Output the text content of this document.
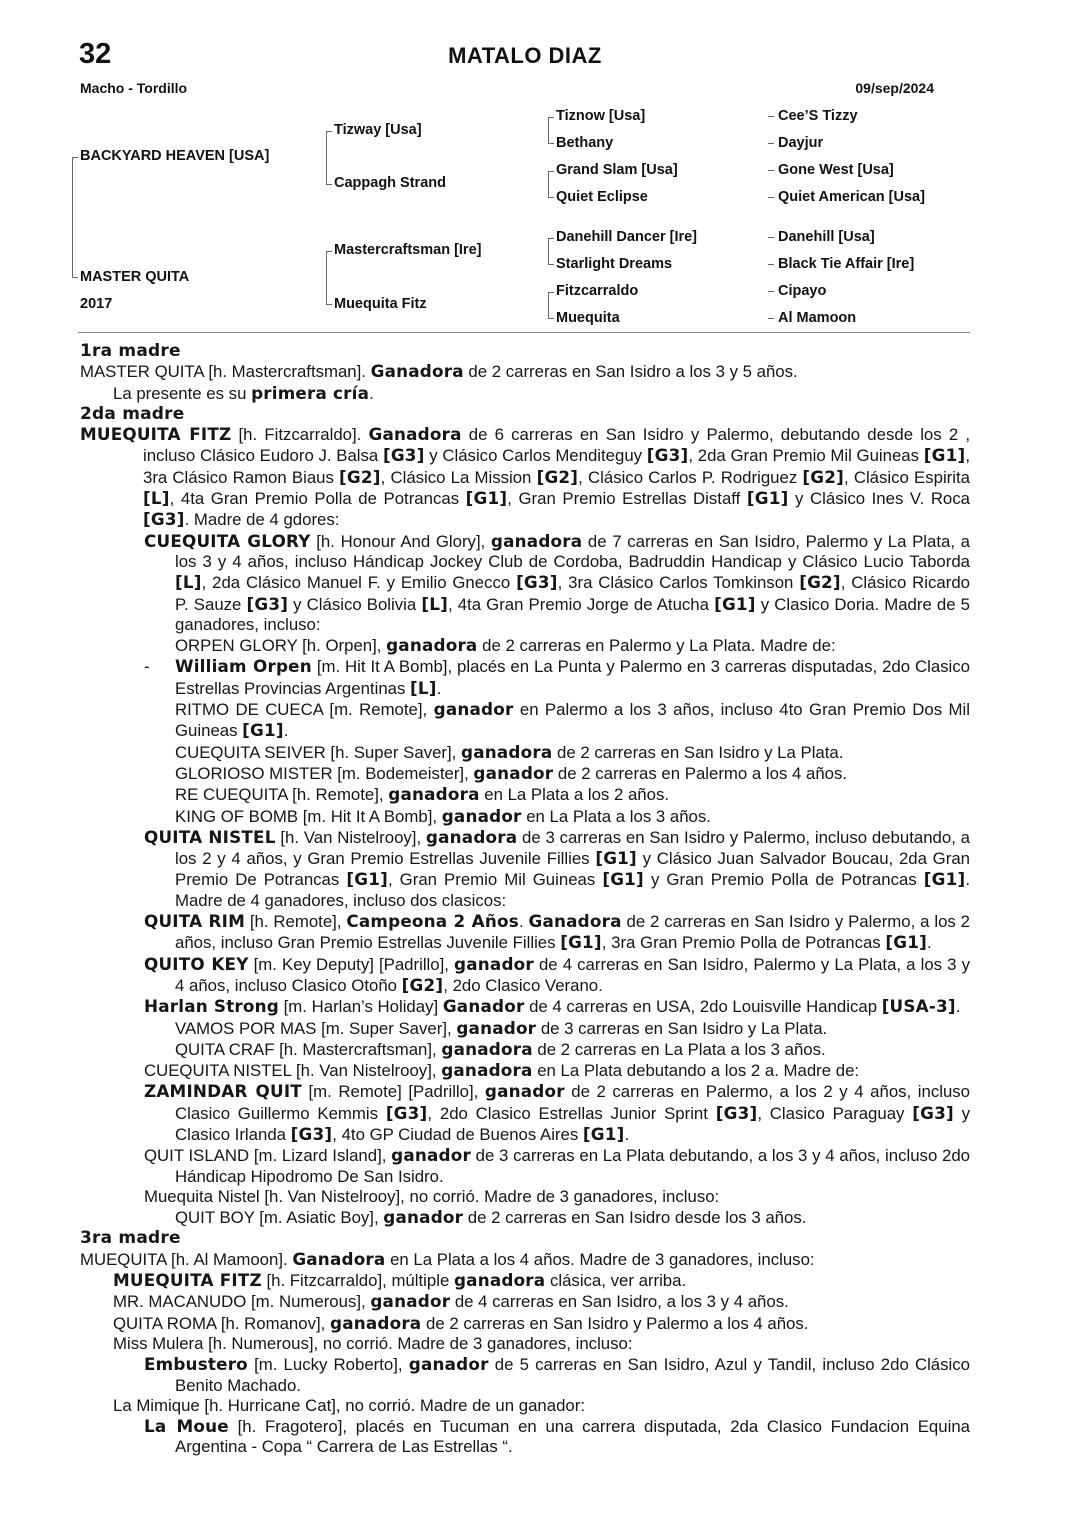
32	MATALO DIAZ
Macho - Tordillo	09/sep/2024
BACKYARD HEAVEN [USA]
MASTER QUITA
2017
Tizway [Usa]
Cappagh Strand
Mastercraftsman [Ire]
Muequita Fitz
Tiznow [Usa]
Bethany
Grand Slam [Usa]
Quiet Eclipse
Danehill Dancer [Ire]
Starlight Dreams
Fitzcarraldo
Muequita
Cee’S Tizzy
Dayjur
Gone West [Usa]
Quiet American [Usa]
Danehill [Usa]
Black Tie Affair [Ire]
Cipayo
Al Mamoon

1ra madre

MASTER QUITA [h. Mastercraftsman]. Ganadora de 2 carreras en San Isidro a los 3 y 5 años.

La presente es su primera cría.

2da madre

MUEQUITA FITZ [h. Fitzcarraldo]. Ganadora de 6 carreras en San Isidro y Palermo, debutando desde los 2 , incluso Clásico Eudoro J. Balsa [G3] y Clásico Carlos Menditeguy [G3], 2da Gran Premio Mil Guineas [G1], 3ra Clásico Ramon Biaus [G2], Clásico La Mission [G2], Clásico Carlos P. Rodriguez [G2], Clásico Espirita [L], 4ta Gran Premio Polla de Potrancas [G1], Gran Premio Estrellas Distaff [G1] y Clásico Ines V. Roca [G3]. Madre de 4 gdores:

CUEQUITA GLORY [h. Honour And Glory], ganadora de 7 carreras en San Isidro, Palermo y La Plata, a los 3 y 4 años, incluso Hándicap Jockey Club de Cordoba, Badruddin Handicap y Clásico Lucio Taborda [L], 2da Clásico Manuel F. y Emilio Gnecco [G3], 3ra Clásico Carlos Tomkinson [G2], Clásico Ricardo P. Sauze [G3] y Clásico Bolivia [L], 4ta Gran Premio Jorge de Atucha [G1] y Clasico Doria. Madre de 5 ganadores, incluso:

ORPEN GLORY [h. Orpen], ganadora de 2 carreras en Palermo y La Plata. Madre de:

- William Orpen [m. Hit It A Bomb], placés en La Punta y Palermo en 3 carreras disputadas, 2do Clasico Estrellas Provincias Argentinas [L].

RITMO DE CUECA [m. Remote], ganador en Palermo a los 3 años, incluso 4to Gran Premio Dos Mil Guineas [G1].

CUEQUITA SEIVER [h. Super Saver], ganadora de 2 carreras en San Isidro y La Plata.

GLORIOSO MISTER [m. Bodemeister], ganador de 2 carreras en Palermo a los 4 años.

RE CUEQUITA [h. Remote], ganadora en La Plata a los 2 años.

KING OF BOMB [m. Hit It A Bomb], ganador en La Plata a los 3 años.

QUITA NISTEL [h. Van Nistelrooy], ganadora de 3 carreras en San Isidro y Palermo, incluso debutando, a los 2 y 4 años, y Gran Premio Estrellas Juvenile Fillies [G1] y Clásico Juan Salvador Boucau, 2da Gran Premio De Potrancas [G1], Gran Premio Mil Guineas [G1] y Gran Premio Polla de Potrancas [G1]. Madre de 4 ganadores, incluso dos clasicos:

QUITA RIM [h. Remote], Campeona 2 Años. Ganadora de 2 carreras en San Isidro y Palermo, a los 2 años, incluso Gran Premio Estrellas Juvenile Fillies [G1], 3ra Gran Premio Polla de Potrancas [G1].

QUITO KEY [m. Key Deputy] [Padrillo], ganador de 4 carreras en San Isidro, Palermo y La Plata, a los 3 y 4 años, incluso Clasico Otoño [G2], 2do Clasico Verano.

Harlan Strong [m. Harlan’s Holiday] Ganador de 4 carreras en USA, 2do Louisville Handicap [USA-3].

VAMOS POR MAS [m. Super Saver], ganador de 3 carreras en San Isidro y La Plata.

QUITA CRAF [h. Mastercraftsman], ganadora de 2 carreras en La Plata a los 3 años.

CUEQUITA NISTEL [h. Van Nistelrooy], ganadora en La Plata debutando a los 2 a. Madre de:

ZAMINDAR QUIT [m. Remote] [Padrillo], ganador de 2 carreras en Palermo, a los 2 y 4 años, incluso Clasico Guillermo Kemmis [G3], 2do Clasico Estrellas Junior Sprint [G3], Clasico Paraguay [G3] y Clasico Irlanda [G3], 4to GP Ciudad de Buenos Aires [G1].

QUIT ISLAND [m. Lizard Island], ganador de 3 carreras en La Plata debutando, a los 3 y 4 años, incluso 2do Hándicap Hipodromo De San Isidro.

Muequita Nistel [h. Van Nistelrooy], no corrió. Madre de 3 ganadores, incluso:

QUIT BOY [m. Asiatic Boy], ganador de 2 carreras en San Isidro desde los 3 años.

3ra madre

MUEQUITA [h. Al Mamoon]. Ganadora en La Plata a los 4 años. Madre de 3 ganadores, incluso:

MUEQUITA FITZ [h. Fitzcarraldo], múltiple ganadora clásica, ver arriba.

MR. MACANUDO [m. Numerous], ganador de 4 carreras en San Isidro, a los 3 y 4 años.

QUITA ROMA [h. Romanov], ganadora de 2 carreras en San Isidro y Palermo a los 4 años.

Miss Mulera [h. Numerous], no corrió. Madre de 3 ganadores, incluso:

Embustero [m. Lucky Roberto], ganador de 5 carreras en San Isidro, Azul y Tandil, incluso 2do Clásico Benito Machado.

La Mimique [h. Hurricane Cat], no corrió. Madre de un ganador:

La Moue [h. Fragotero], placés en Tucuman en una carrera disputada, 2da Clasico Fundacion Equina Argentina - Copa “ Carrera de Las Estrellas “.
